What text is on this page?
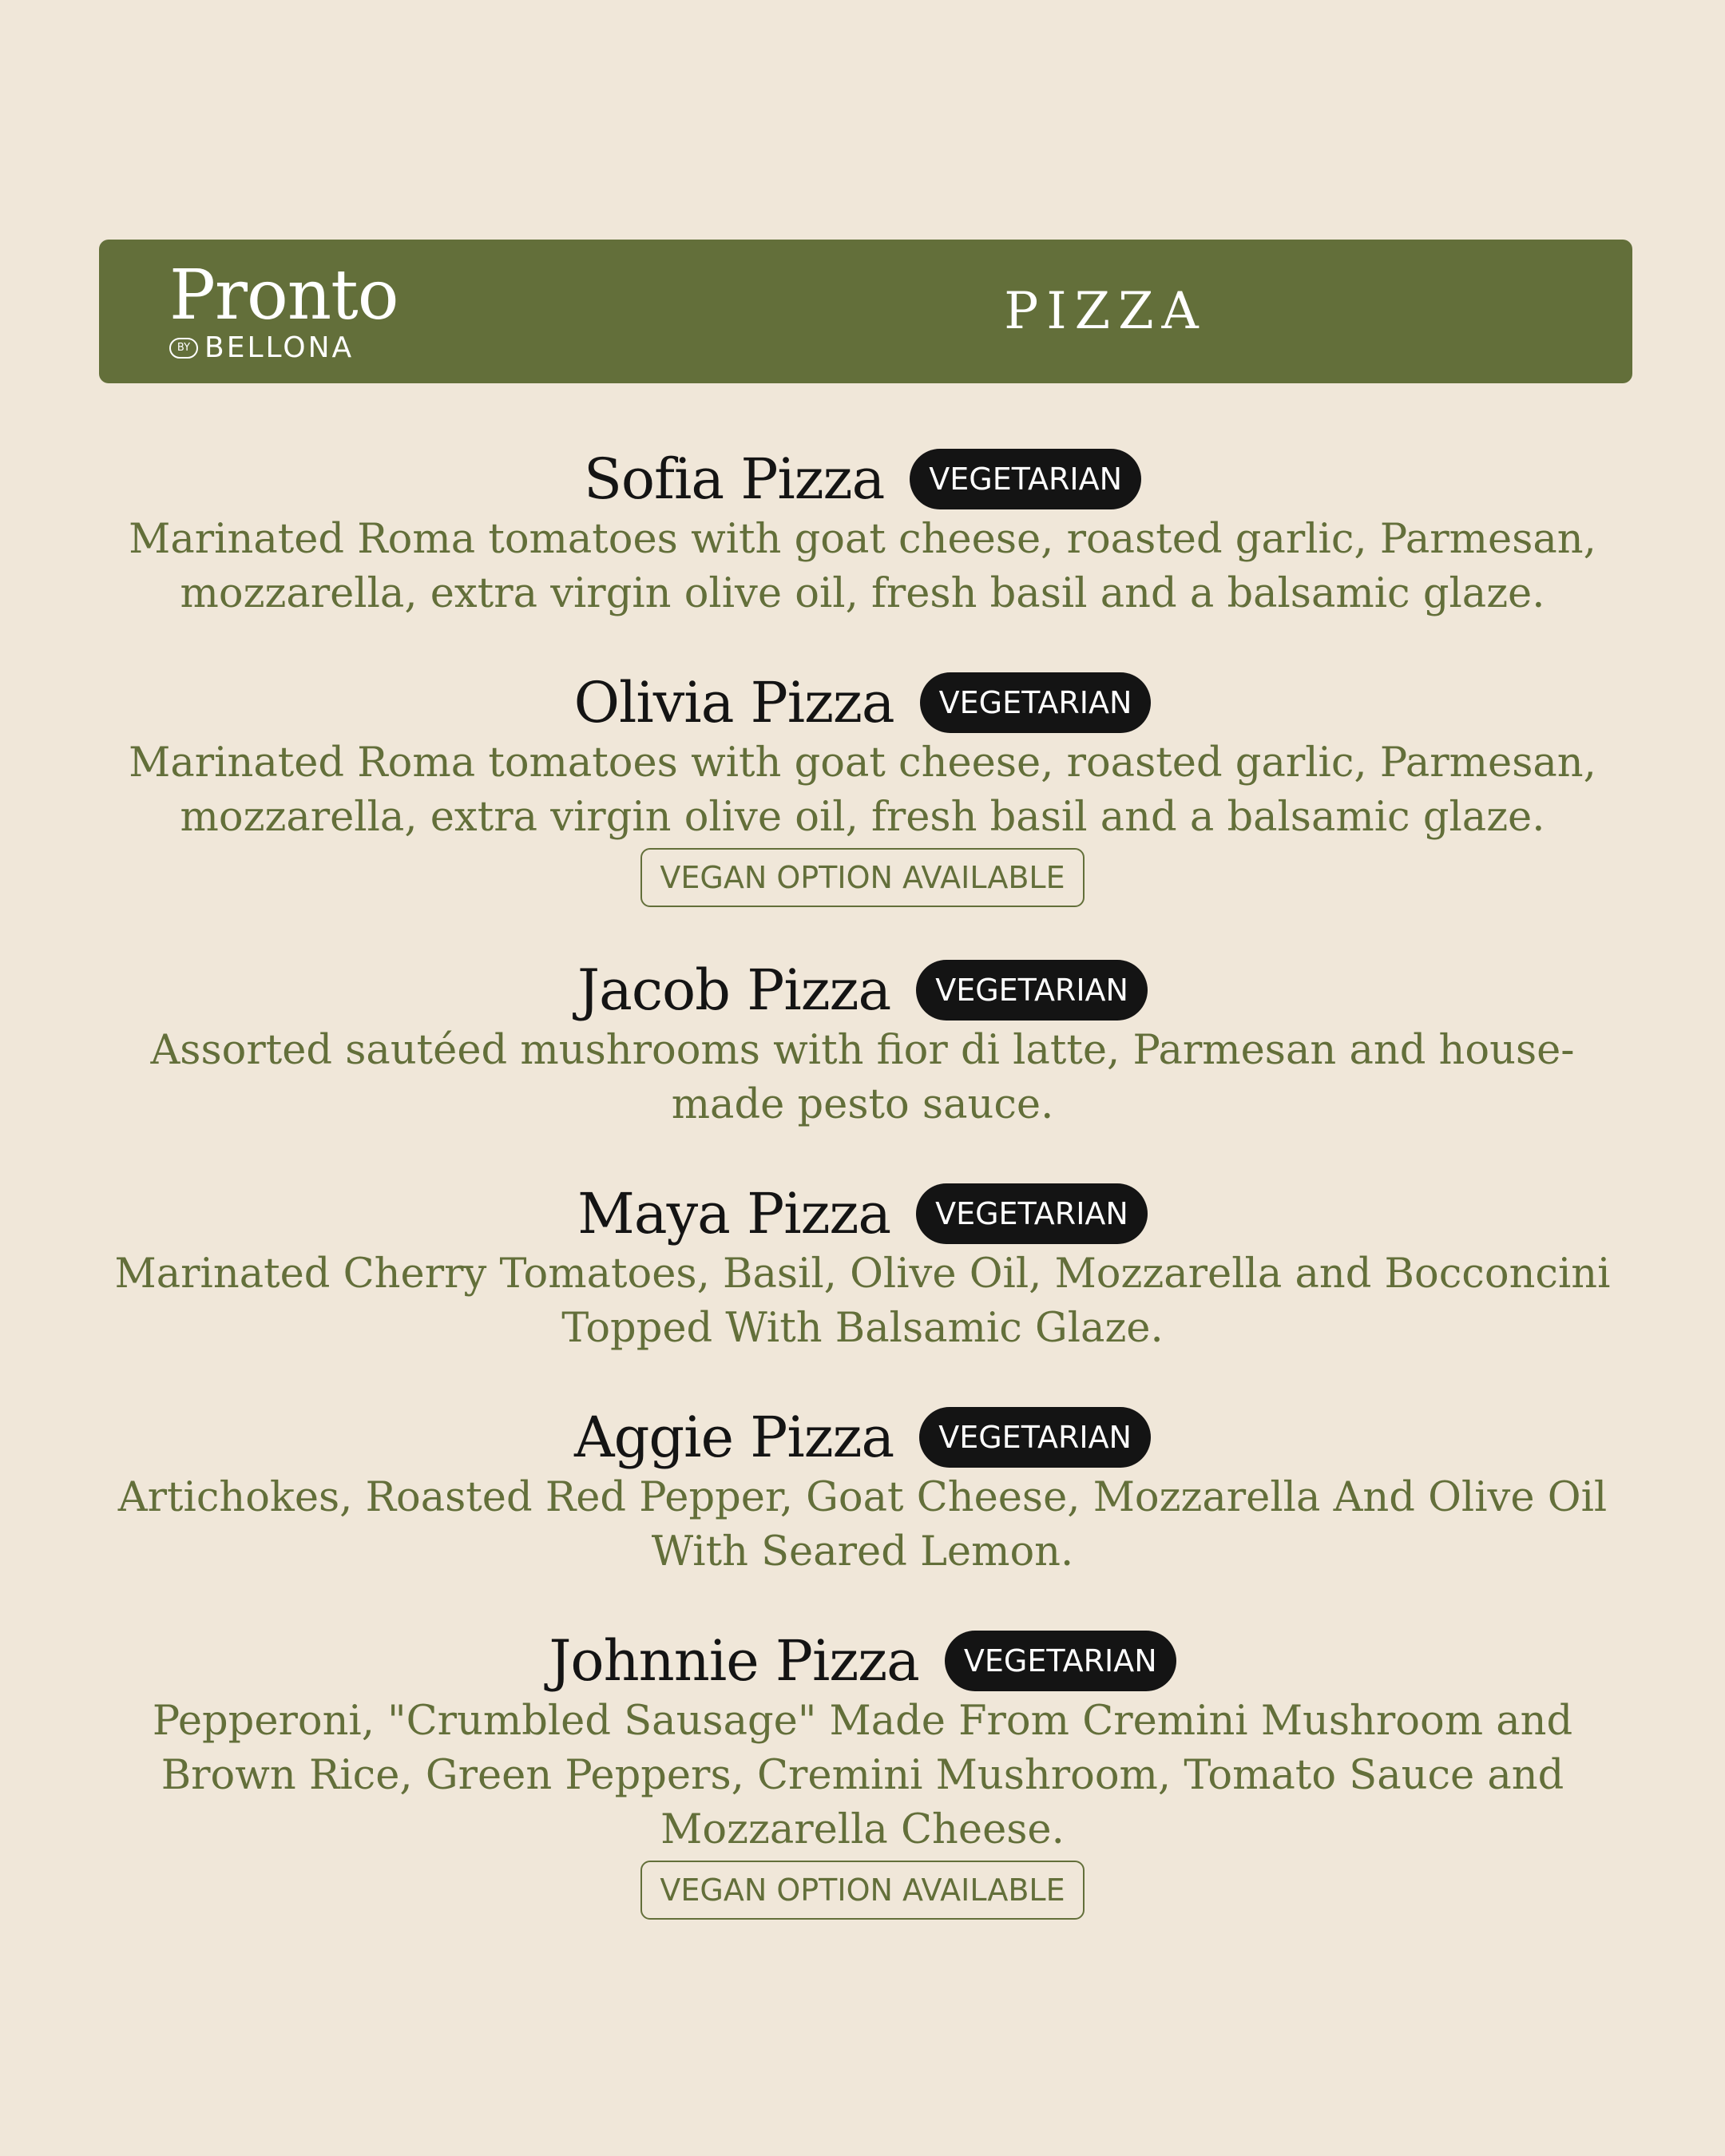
Pronto
BY BELLONA
PIZZA
Sofia Pizza	VEGETARIAN
Marinated Roma tomatoes with goat cheese, roasted garlic, Parmesan, mozzarella, extra virgin olive oil, fresh basil and a balsamic glaze.
Olivia Pizza	VEGETARIAN
Marinated Roma tomatoes with goat cheese, roasted garlic, Parmesan, mozzarella, extra virgin olive oil, fresh basil and a balsamic glaze.
VEGAN OPTION AVAILABLE
Jacob Pizza	VEGETARIAN
Assorted sautéed mushrooms with fior di latte, Parmesan and house-made pesto sauce.
Maya Pizza	VEGETARIAN
Marinated Cherry Tomatoes, Basil, Olive Oil, Mozzarella and Bocconcini Topped With Balsamic Glaze.
Aggie Pizza	VEGETARIAN
Artichokes, Roasted Red Pepper, Goat Cheese, Mozzarella And Olive Oil With Seared Lemon.
Johnnie Pizza	VEGETARIAN
Pepperoni, "Crumbled Sausage" Made From Cremini Mushroom and Brown Rice, Green Peppers, Cremini Mushroom, Tomato Sauce and Mozzarella Cheese.
VEGAN OPTION AVAILABLE
